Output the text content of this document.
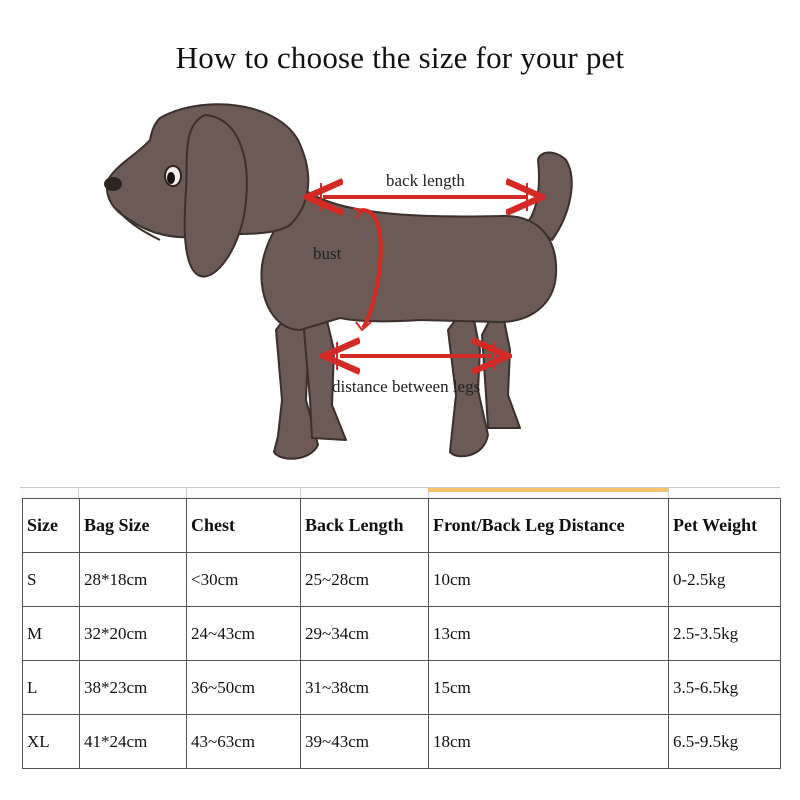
How to choose the size for your pet
back length
bust
distance between legs
Size	Bag Size	Chest	Back Length	Front/Back Leg Distance	Pet Weight
S	28*18cm	<30cm	25~28cm	10cm	0-2.5kg
M	32*20cm	24~43cm	29~34cm	13cm	2.5-3.5kg
L	38*23cm	36~50cm	31~38cm	15cm	3.5-6.5kg
XL	41*24cm	43~63cm	39~43cm	18cm	6.5-9.5kg
